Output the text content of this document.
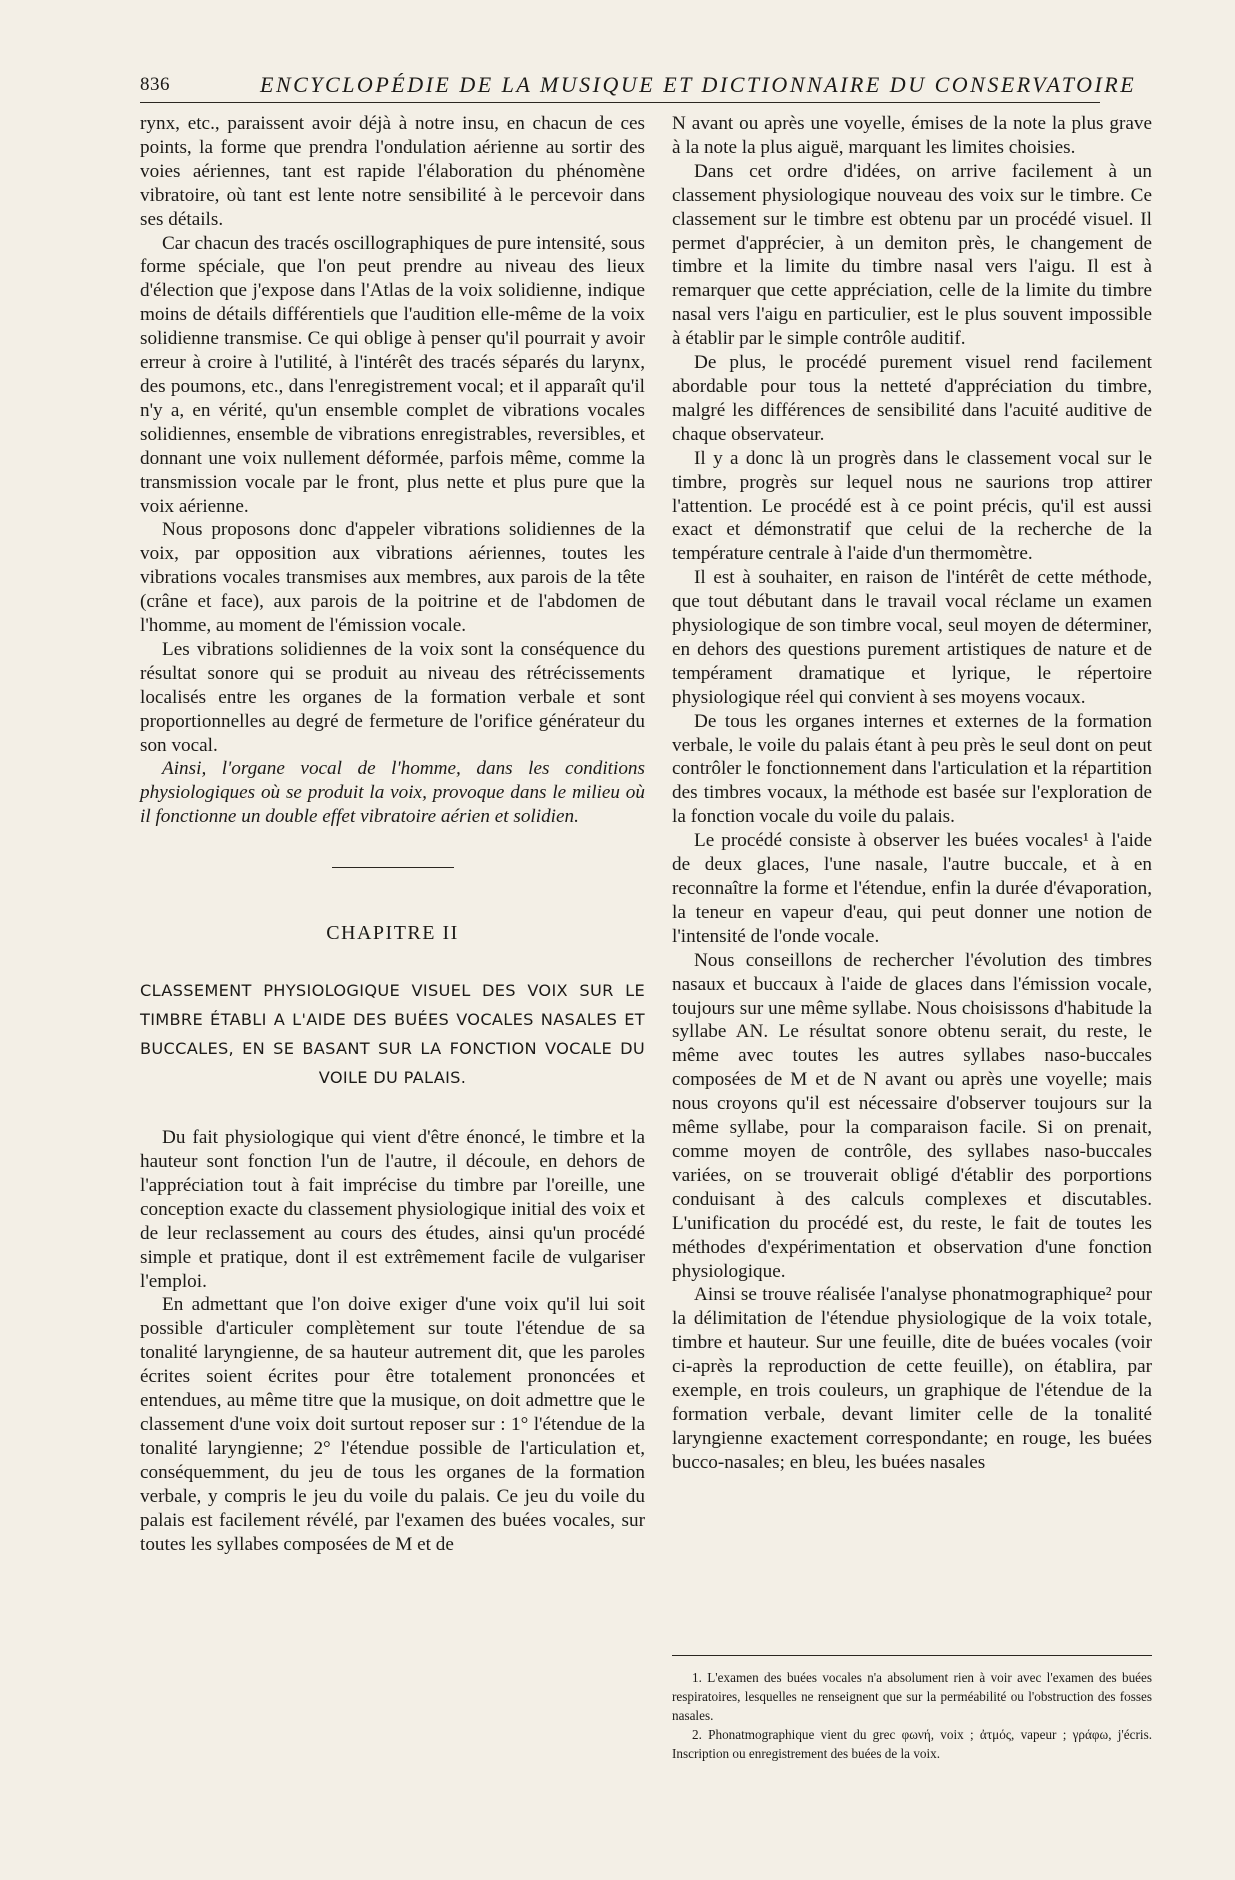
836	ENCYCLOPÉDIE DE LA MUSIQUE ET DICTIONNAIRE DU CONSERVATOIRE

rynx, etc., paraissent avoir déjà à notre insu, en chacun de ces points, la forme que prendra l'ondulation aérienne au sortir des voies aériennes, tant est rapide l'élaboration du phénomène vibratoire, où tant est lente notre sensibilité à le percevoir dans ses détails.

Car chacun des tracés oscillographiques de pure intensité, sous forme spéciale, que l'on peut prendre au niveau des lieux d'élection que j'expose dans l'Atlas de la voix solidienne, indique moins de détails différentiels que l'audition elle-même de la voix solidienne transmise. Ce qui oblige à penser qu'il pourrait y avoir erreur à croire à l'utilité, à l'intérêt des tracés séparés du larynx, des poumons, etc., dans l'enregistrement vocal; et il apparaît qu'il n'y a, en vérité, qu'un ensemble complet de vibrations vocales solidiennes, ensemble de vibrations enregistrables, reversibles, et donnant une voix nullement déformée, parfois même, comme la transmission vocale par le front, plus nette et plus pure que la voix aérienne.

Nous proposons donc d'appeler vibrations solidiennes de la voix, par opposition aux vibrations aériennes, toutes les vibrations vocales transmises aux membres, aux parois de la tête (crâne et face), aux parois de la poitrine et de l'abdomen de l'homme, au moment de l'émission vocale.

Les vibrations solidiennes de la voix sont la conséquence du résultat sonore qui se produit au niveau des rétrécissements localisés entre les organes de la formation verbale et sont proportionnelles au degré de fermeture de l'orifice générateur du son vocal.

Ainsi, l'organe vocal de l'homme, dans les conditions physiologiques où se produit la voix, provoque dans le milieu où il fonctionne un double effet vibratoire aérien et solidien.

CHAPITRE II
CLASSEMENT PHYSIOLOGIQUE VISUEL DES VOIX SUR LE TIMBRE ÉTABLI A L'AIDE DES BUÉES VOCALES NASALES ET BUCCALES, EN SE BASANT SUR LA FONCTION VOCALE DU VOILE DU PALAIS.

Du fait physiologique qui vient d'être énoncé, le timbre et la hauteur sont fonction l'un de l'autre, il découle, en dehors de l'appréciation tout à fait imprécise du timbre par l'oreille, une conception exacte du classement physiologique initial des voix et de leur reclassement au cours des études, ainsi qu'un procédé simple et pratique, dont il est extrêmement facile de vulgariser l'emploi.

En admettant que l'on doive exiger d'une voix qu'il lui soit possible d'articuler complètement sur toute l'étendue de sa tonalité laryngienne, de sa hauteur autrement dit, que les paroles écrites soient écrites pour être totalement prononcées et entendues, au même titre que la musique, on doit admettre que le classement d'une voix doit surtout reposer sur : 1° l'étendue de la tonalité laryngienne; 2° l'étendue possible de l'articulation et, conséquemment, du jeu de tous les organes de la formation verbale, y compris le jeu du voile du palais. Ce jeu du voile du palais est facilement révélé, par l'examen des buées vocales, sur toutes les syllabes composées de M et de

N avant ou après une voyelle, émises de la note la plus grave à la note la plus aiguë, marquant les limites choisies.

Dans cet ordre d'idées, on arrive facilement à un classement physiologique nouveau des voix sur le timbre. Ce classement sur le timbre est obtenu par un procédé visuel. Il permet d'apprécier, à un demiton près, le changement de timbre et la limite du timbre nasal vers l'aigu. Il est à remarquer que cette appréciation, celle de la limite du timbre nasal vers l'aigu en particulier, est le plus souvent impossible à établir par le simple contrôle auditif.

De plus, le procédé purement visuel rend facilement abordable pour tous la netteté d'appréciation du timbre, malgré les différences de sensibilité dans l'acuité auditive de chaque observateur.

Il y a donc là un progrès dans le classement vocal sur le timbre, progrès sur lequel nous ne saurions trop attirer l'attention. Le procédé est à ce point précis, qu'il est aussi exact et démonstratif que celui de la recherche de la température centrale à l'aide d'un thermomètre.

Il est à souhaiter, en raison de l'intérêt de cette méthode, que tout débutant dans le travail vocal réclame un examen physiologique de son timbre vocal, seul moyen de déterminer, en dehors des questions purement artistiques de nature et de tempérament dramatique et lyrique, le répertoire physiologique réel qui convient à ses moyens vocaux.

De tous les organes internes et externes de la formation verbale, le voile du palais étant à peu près le seul dont on peut contrôler le fonctionnement dans l'articulation et la répartition des timbres vocaux, la méthode est basée sur l'exploration de la fonction vocale du voile du palais.

Le procédé consiste à observer les buées vocales¹ à l'aide de deux glaces, l'une nasale, l'autre buccale, et à en reconnaître la forme et l'étendue, enfin la durée d'évaporation, la teneur en vapeur d'eau, qui peut donner une notion de l'intensité de l'onde vocale.

Nous conseillons de rechercher l'évolution des timbres nasaux et buccaux à l'aide de glaces dans l'émission vocale, toujours sur une même syllabe. Nous choisissons d'habitude la syllabe AN. Le résultat sonore obtenu serait, du reste, le même avec toutes les autres syllabes naso-buccales composées de M et de N avant ou après une voyelle; mais nous croyons qu'il est nécessaire d'observer toujours sur la même syllabe, pour la comparaison facile. Si on prenait, comme moyen de contrôle, des syllabes naso-buccales variées, on se trouverait obligé d'établir des porportions conduisant à des calculs complexes et discutables. L'unification du procédé est, du reste, le fait de toutes les méthodes d'expérimentation et observation d'une fonction physiologique.

Ainsi se trouve réalisée l'analyse phonatmographique² pour la délimitation de l'étendue physiologique de la voix totale, timbre et hauteur. Sur une feuille, dite de buées vocales (voir ci-après la reproduction de cette feuille), on établira, par exemple, en trois couleurs, un graphique de l'étendue de la formation verbale, devant limiter celle de la tonalité laryngienne exactement correspondante; en rouge, les buées bucco-nasales; en bleu, les buées nasales

1. L'examen des buées vocales n'a absolument rien à voir avec l'examen des buées respiratoires, lesquelles ne renseignent que sur la perméabilité ou l'obstruction des fosses nasales.

2. Phonatmographique vient du grec φωνή, voix ; ἀτμός, vapeur ; γράφω, j'écris. Inscription ou enregistrement des buées de la voix.
